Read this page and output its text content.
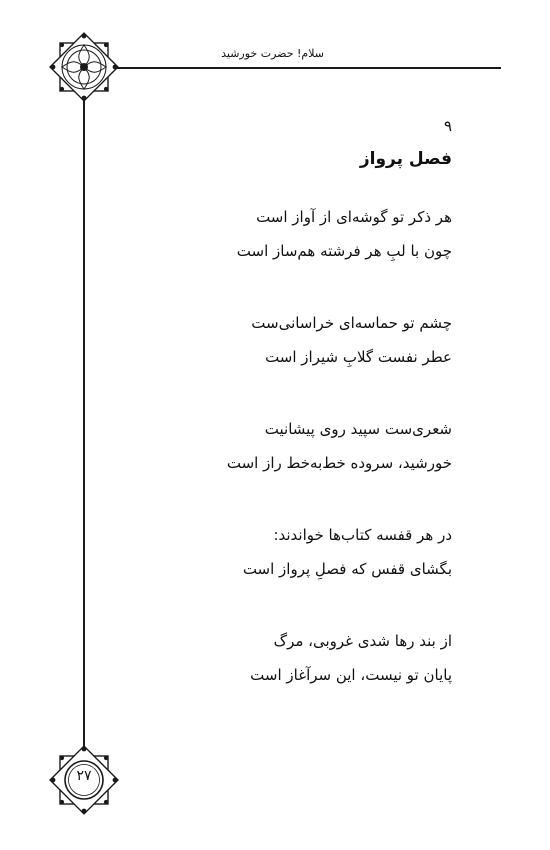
سلام! حضرت خورشید
۲۷
۹
فصل پرواز
هر ذکر تو گوشه‌ای از آواز است
چون با لبِ هر فرشته هم‌ساز است
چشم تو حماسه‌ای خراسانی‌ست
عطر نفست گلابِ شیراز است
شعری‌ست سپید روی پیشانیت
خورشید، سروده خط‌به‌خط راز است
در هر قفسه کتاب‌ها خواندند:
بگشای قفس که فصلِ پرواز است
از بند رها شدی غروبی، مرگ
پایان تو نیست، این سرآغاز است
